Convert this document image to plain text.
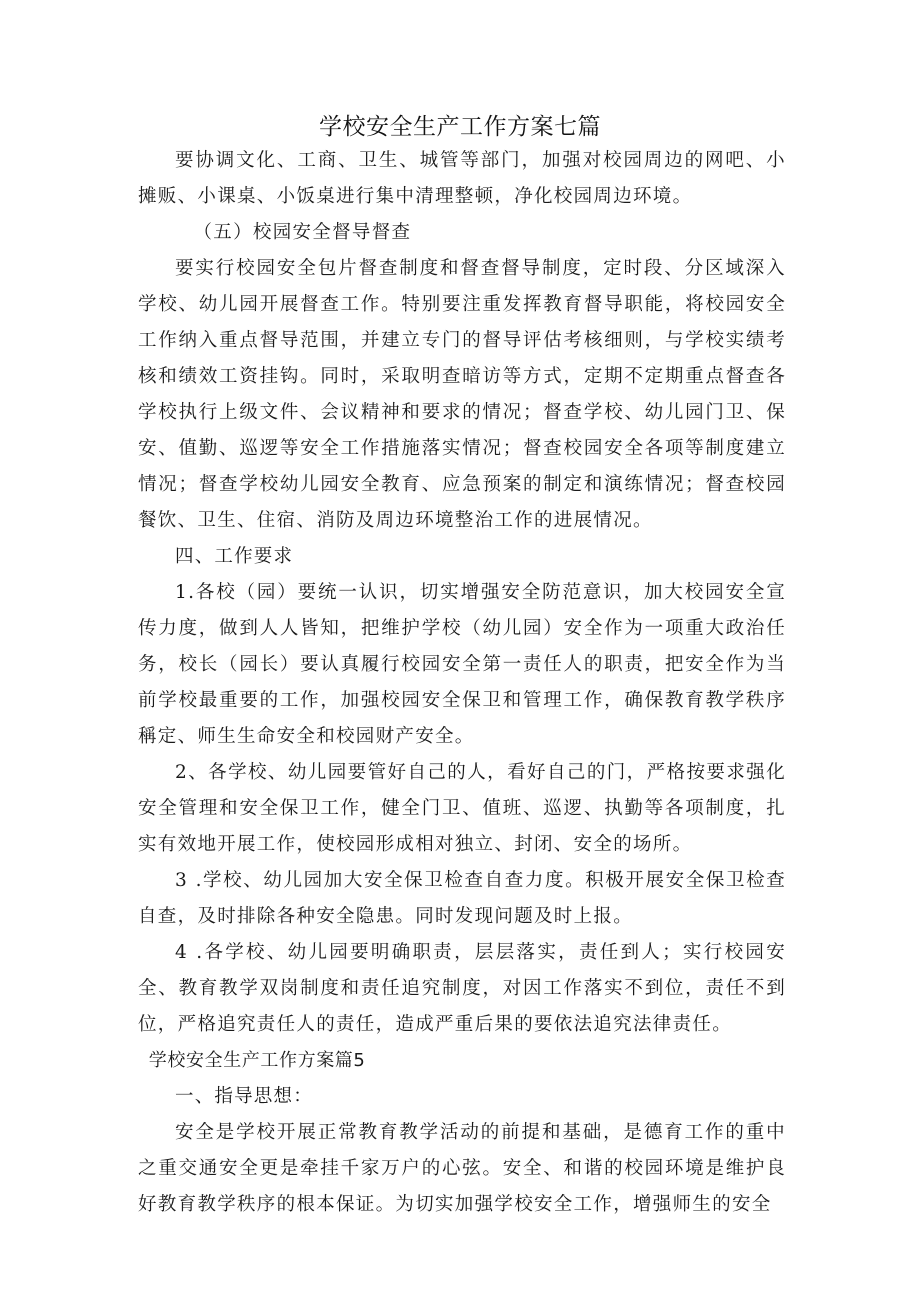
学校安全生产工作方案七篇

要协调文化、工商、卫生、城管等部门，加强对校园周边的网吧、小摊贩、小课桌、小饭桌进行集中清理整顿，净化校园周边环境。

（五）校园安全督导督查

要实行校园安全包片督查制度和督查督导制度，定时段、分区域深入学校、幼儿园开展督查工作。特别要注重发挥教育督导职能，将校园安全工作纳入重点督导范围，并建立专门的督导评估考核细则，与学校实绩考核和绩效工资挂钩。同时，采取明查暗访等方式，定期不定期重点督查各学校执行上级文件、会议精神和要求的情况；督查学校、幼儿园门卫、保安、值勤、巡逻等安全工作措施落实情况；督查校园安全各项等制度建立情况；督查学校幼儿园安全教育、应急预案的制定和演练情况；督查校园餐饮、卫生、住宿、消防及周边环境整治工作的进展情况。

四、工作要求

1.各校（园）要统一认识，切实增强安全防范意识，加大校园安全宣传力度，做到人人皆知，把维护学校（幼儿园）安全作为一项重大政治任务，校长（园长）要认真履行校园安全第一责任人的职责，把安全作为当前学校最重要的工作，加强校园安全保卫和管理工作，确保教育教学秩序稱定、师生生命安全和校园财产安全。

2、各学校、幼儿园要管好自己的人，看好自己的门，严格按要求强化安全管理和安全保卫工作，健全门卫、值班、巡逻、执勤等各项制度，扎实有效地开展工作，使校园形成相对独立、封闭、安全的场所。

3 .学校、幼儿园加大安全保卫检查自查力度。积极开展安全保卫检查自查，及时排除各种安全隐患。同时发现问题及时上报。

4 .各学校、幼儿园要明确职责，层层落实，责任到人；实行校园安全、教育教学双岗制度和责任追究制度，对因工作落实不到位，责任不到位，严格追究责任人的责任，造成严重后果的要依法追究法律责任。

学校安全生产工作方案篇5

一、指导思想：

安全是学校开展正常教育教学活动的前提和基础，是德育工作的重中之重交通安全更是牵挂千家万户的心弦。安全、和谐的校园环境是维护良好教育教学秩序的根本保证。为切实加强学校安全工作，增强师生的安全
